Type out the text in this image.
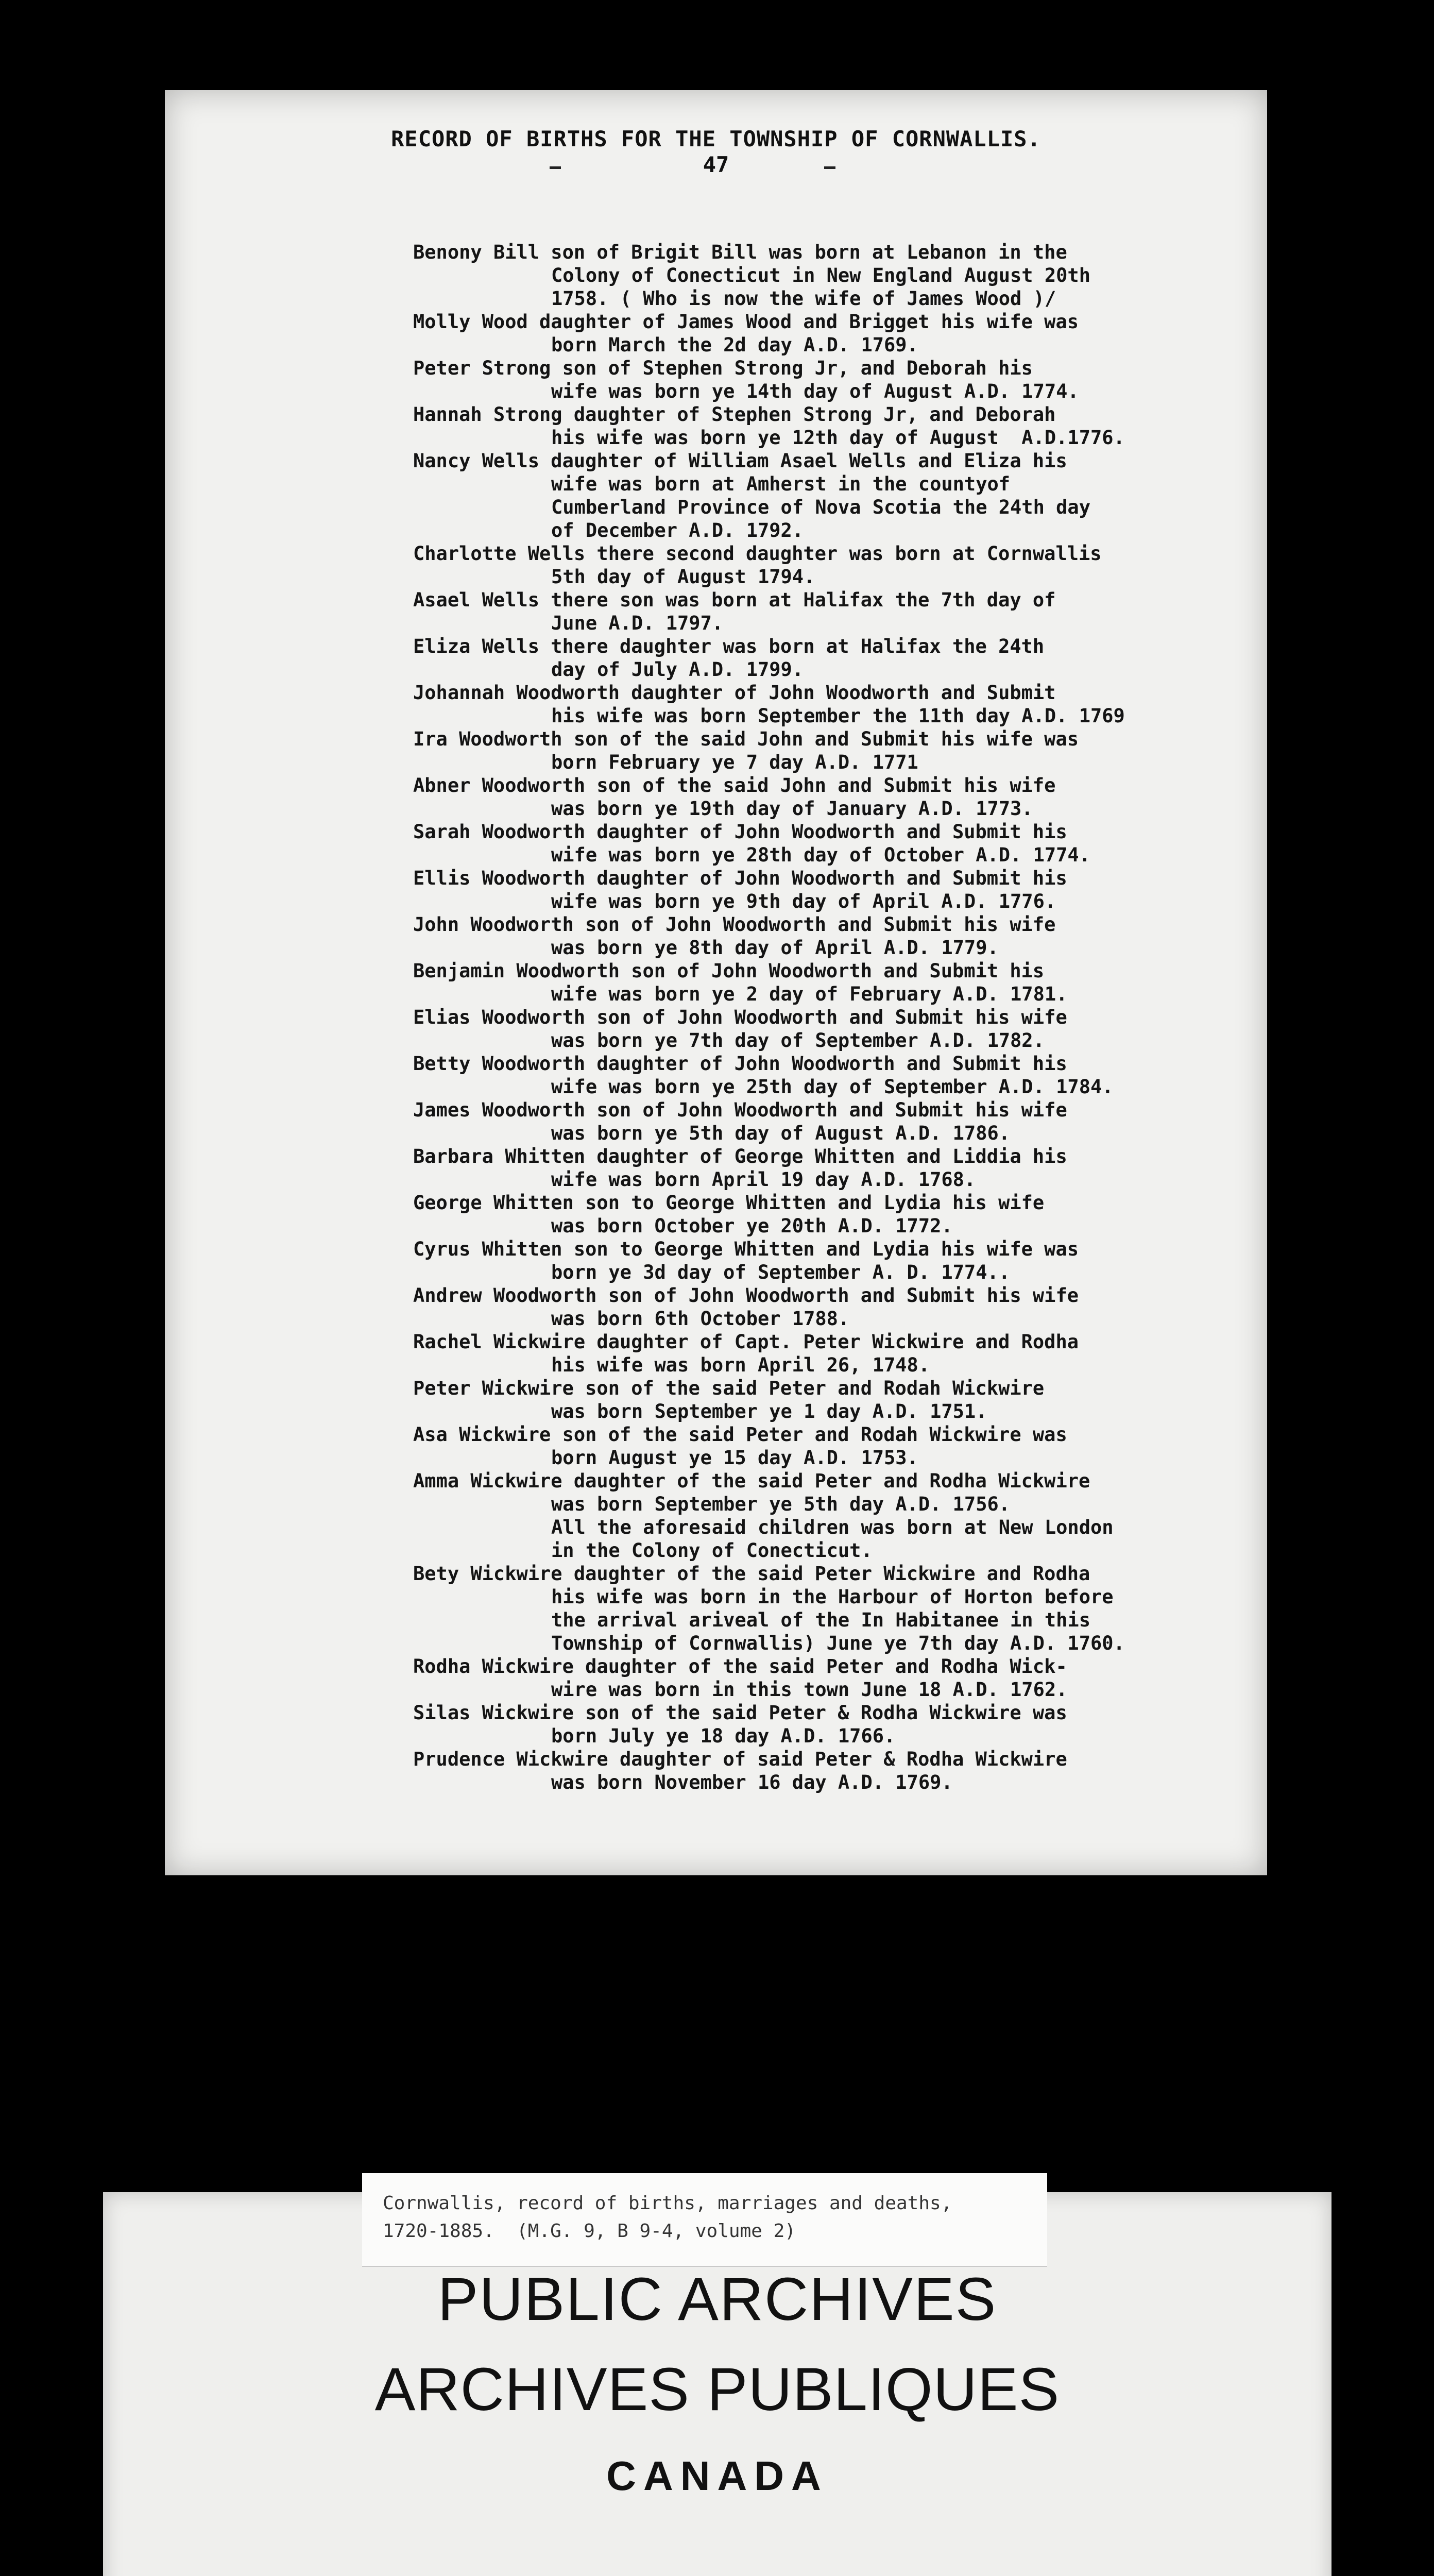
RECORD OF BIRTHS FOR THE TOWNSHIP OF CORNWALLIS.
47
Benony Bill son of Brigit Bill was born at Lebanon in the
Colony of Conecticut in New England August 20th
1758. ( Who is now the wife of James Wood )/
Molly Wood daughter of James Wood and Brigget his wife was
born March the 2d day A.D. 1769.
Peter Strong son of Stephen Strong Jr, and Deborah his
wife was born ye 14th day of August A.D. 1774.
Hannah Strong daughter of Stephen Strong Jr, and Deborah
his wife was born ye 12th day of August  A.D.1776.
Nancy Wells daughter of William Asael Wells and Eliza his
wife was born at Amherst in the countyof
Cumberland Province of Nova Scotia the 24th day
of December A.D. 1792.
Charlotte Wells there second daughter was born at Cornwallis
5th day of August 1794.
Asael Wells there son was born at Halifax the 7th day of
June A.D. 1797.
Eliza Wells there daughter was born at Halifax the 24th
day of July A.D. 1799.
Johannah Woodworth daughter of John Woodworth and Submit
his wife was born September the 11th day A.D. 1769
Ira Woodworth son of the said John and Submit his wife was
born February ye 7 day A.D. 1771
Abner Woodworth son of the said John and Submit his wife
was born ye 19th day of January A.D. 1773.
Sarah Woodworth daughter of John Woodworth and Submit his
wife was born ye 28th day of October A.D. 1774.
Ellis Woodworth daughter of John Woodworth and Submit his
wife was born ye 9th day of April A.D. 1776.
John Woodworth son of John Woodworth and Submit his wife
was born ye 8th day of April A.D. 1779.
Benjamin Woodworth son of John Woodworth and Submit his
wife was born ye 2 day of February A.D. 1781.
Elias Woodworth son of John Woodworth and Submit his wife
was born ye 7th day of September A.D. 1782.
Betty Woodworth daughter of John Woodworth and Submit his
wife was born ye 25th day of September A.D. 1784.
James Woodworth son of John Woodworth and Submit his wife
was born ye 5th day of August A.D. 1786.
Barbara Whitten daughter of George Whitten and Liddia his
wife was born April 19 day A.D. 1768.
George Whitten son to George Whitten and Lydia his wife
was born October ye 20th A.D. 1772.
Cyrus Whitten son to George Whitten and Lydia his wife was
born ye 3d day of September A. D. 1774..
Andrew Woodworth son of John Woodworth and Submit his wife
was born 6th October 1788.
Rachel Wickwire daughter of Capt. Peter Wickwire and Rodha
his wife was born April 26, 1748.
Peter Wickwire son of the said Peter and Rodah Wickwire
was born September ye 1 day A.D. 1751.
Asa Wickwire son of the said Peter and Rodah Wickwire was
born August ye 15 day A.D. 1753.
Amma Wickwire daughter of the said Peter and Rodha Wickwire
was born September ye 5th day A.D. 1756.
All the aforesaid children was born at New London
in the Colony of Conecticut.
Bety Wickwire daughter of the said Peter Wickwire and Rodha
his wife was born in the Harbour of Horton before
the arrival ariveal of the In Habitanee in this
Township of Cornwallis) June ye 7th day A.D. 1760.
Rodha Wickwire daughter of the said Peter and Rodha Wick-
wire was born in this town June 18 A.D. 1762.
Silas Wickwire son of the said Peter & Rodha Wickwire was
born July ye 18 day A.D. 1766.
Prudence Wickwire daughter of said Peter & Rodha Wickwire
was born November 16 day A.D. 1769.
Cornwallis, record of births, marriages and deaths,
1720-1885.  (M.G. 9, B 9-4, volume 2)
PUBLIC ARCHIVES
ARCHIVES PUBLIQUES
CANADA
